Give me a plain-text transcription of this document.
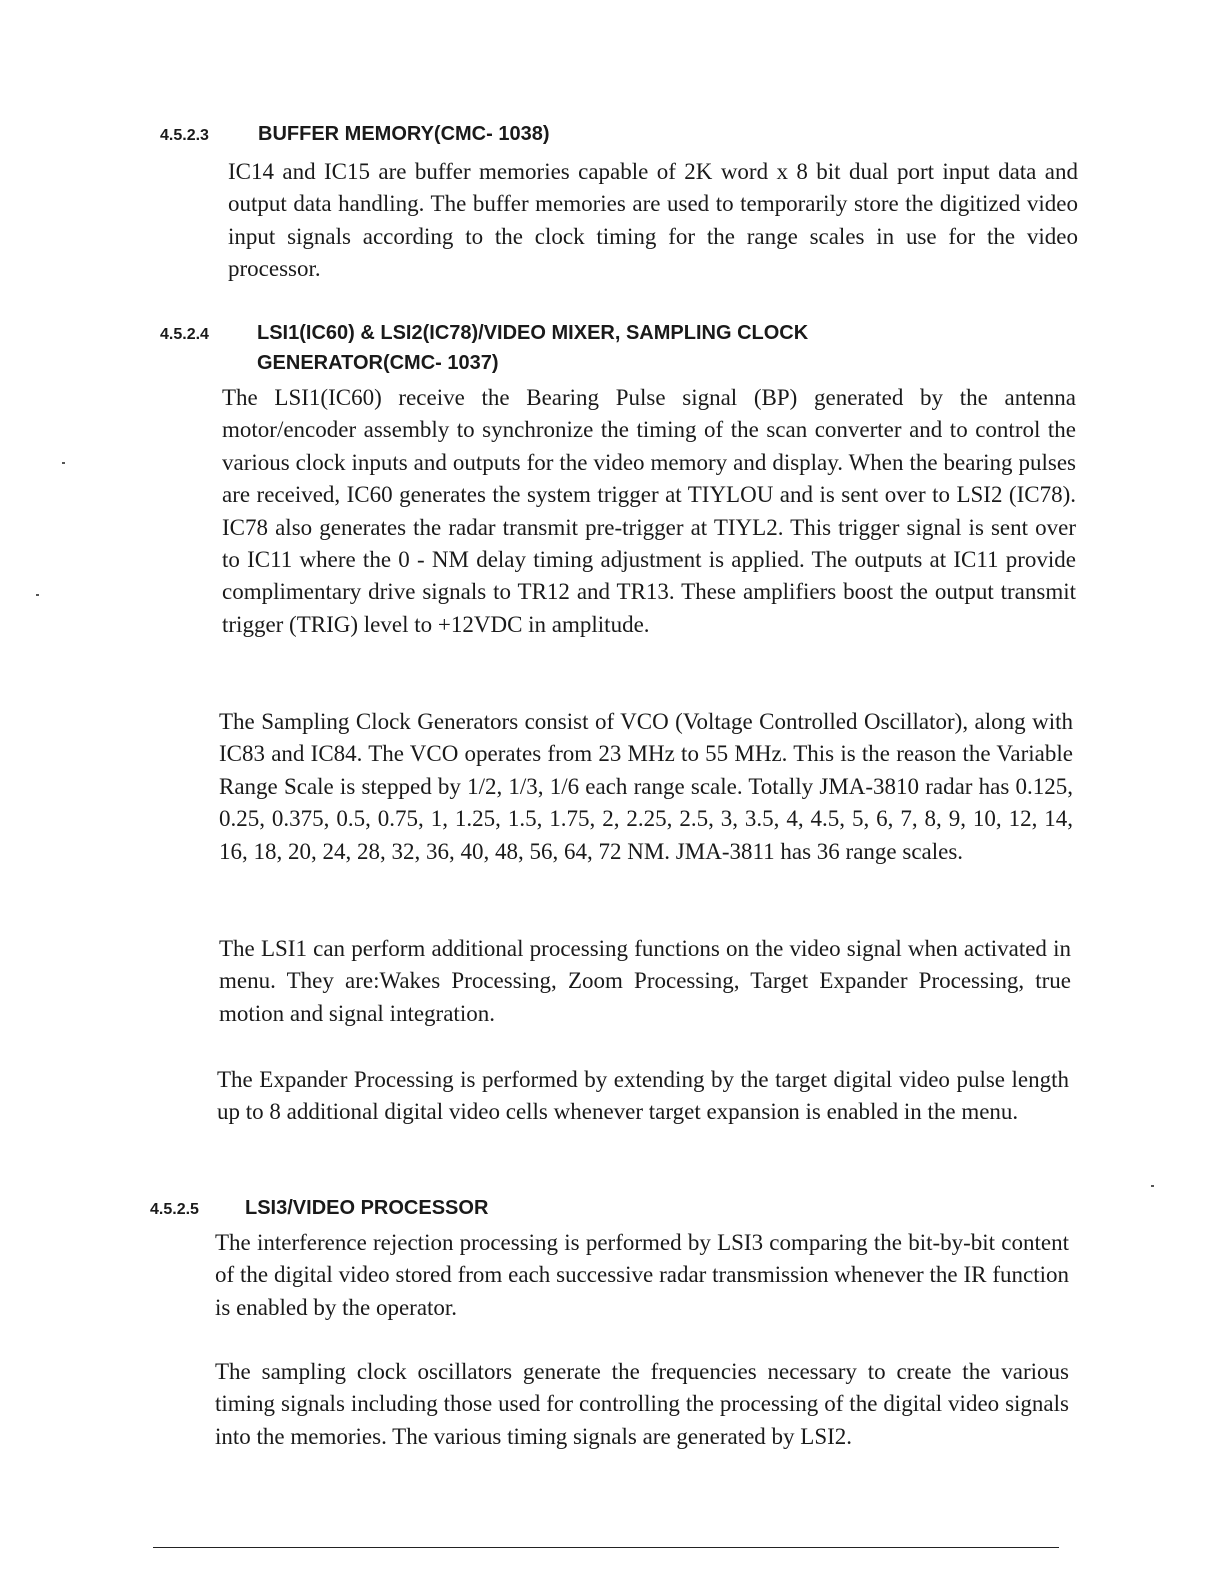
4.5.2.3 BUFFER MEMORY(CMC‐ 1038)

IC14 and IC15 are buffer memories capable of 2K word x 8 bit dual port input data and output data handling. The buffer memories are used to temporarily store the digitized video input signals according to the clock timing for the range scales in use for the video processor.

4.5.2.4 LSI1(IC60) & LSI2(IC78)/VIDEO MIXER, SAMPLING CLOCK
GENERATOR(CMC‐ 1037)

The LSI1(IC60) receive the Bearing Pulse signal (BP) generated by the antenna motor/encoder assembly to synchronize the timing of the scan converter and to control the various clock inputs and outputs for the video memory and display. When the bearing pulses are received, IC60 generates the system trigger at TIYLOU and is sent over to LSI2 (IC78). IC78 also generates the radar transmit pre‐trigger at TIYL2. This trigger signal is sent over to IC11 where the 0 ‐ NM delay timing adjustment is applied. The outputs at IC11 provide complimentary drive signals to TR12 and TR13. These amplifiers boost the output transmit trigger (TRIG) level to +12VDC in amplitude.

The Sampling Clock Generators consist of VCO (Voltage Controlled Oscillator), along with IC83 and IC84. The VCO operates from 23 MHz to 55 MHz. This is the reason the Variable Range Scale is stepped by 1/2, 1/3, 1/6 each range scale. Totally JMA‐3810 radar has 0.125, 0.25, 0.375, 0.5, 0.75, 1, 1.25, 1.5, 1.75, 2, 2.25, 2.5, 3, 3.5, 4, 4.5, 5, 6, 7, 8, 9, 10, 12, 14, 16, 18, 20, 24, 28, 32, 36, 40, 48, 56, 64, 72 NM. JMA‐3811 has 36 range scales.

The LSI1 can perform additional processing functions on the video signal when activated in menu. They are:Wakes Processing, Zoom Processing, Target Expander Processing, true motion and signal integration.

The Expander Processing is performed by extending by the target digital video pulse length up to 8 additional digital video cells whenever target expansion is enabled in the menu.

4.5.2.5 LSI3/VIDEO PROCESSOR

The interference rejection processing is performed by LSI3 comparing the bit‐by‐bit content of the digital video stored from each successive radar transmission whenever the IR function is enabled by the operator.

The sampling clock oscillators generate the frequencies necessary to create the various timing signals including those used for controlling the processing of the digital video signals into the memories. The various timing signals are generated by LSI2.
